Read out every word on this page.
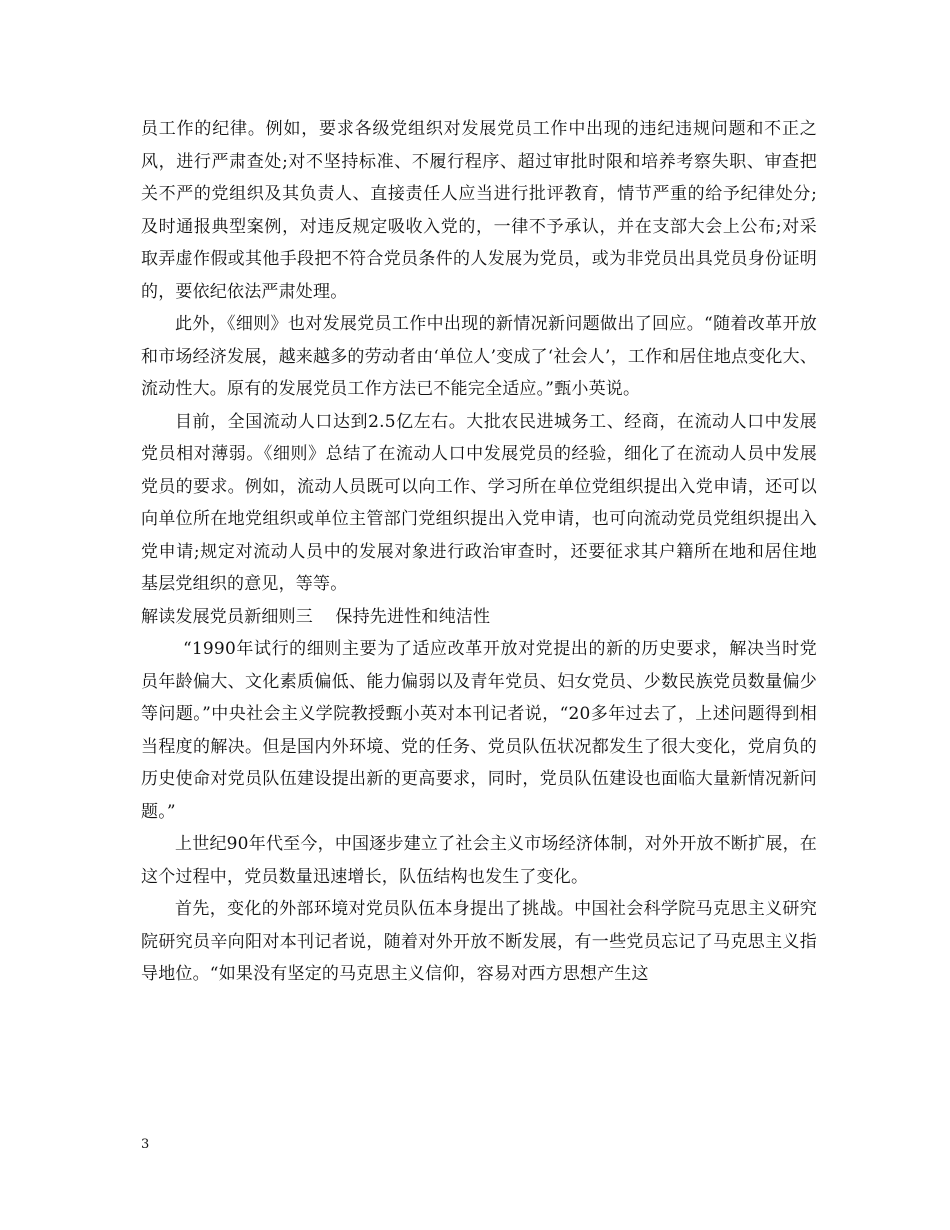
员工作的纪律。例如，要求各级党组织对发展党员工作中出现的违纪违规问题和不正之风，进行严肃查处;对不坚持标准、不履行程序、超过审批时限和培养考察失职、审查把关不严的党组织及其负责人、直接责任人应当进行批评教育，情节严重的给予纪律处分;及时通报典型案例，对违反规定吸收入党的，一律不予承认，并在支部大会上公布;对采取弄虚作假或其他手段把不符合党员条件的人发展为党员，或为非党员出具党员身份证明的，要依纪依法严肃处理。

此外，《细则》也对发展党员工作中出现的新情况新问题做出了回应。“随着改革开放和市场经济发展，越来越多的劳动者由‘单位人’变成了‘社会人’，工作和居住地点变化大、流动性大。原有的发展党员工作方法已不能完全适应。”甄小英说。

目前，全国流动人口达到2.5亿左右。大批农民进城务工、经商，在流动人口中发展党员相对薄弱。《细则》总结了在流动人口中发展党员的经验，细化了在流动人员中发展党员的要求。例如，流动人员既可以向工作、学习所在单位党组织提出入党申请，还可以向单位所在地党组织或单位主管部门党组织提出入党申请，也可向流动党员党组织提出入党申请;规定对流动人员中的发展对象进行政治审查时，还要征求其户籍所在地和居住地基层党组织的意见，等等。

解读发展党员新细则三    保持先进性和纯洁性

“1990年试行的细则主要为了适应改革开放对党提出的新的历史要求，解决当时党员年龄偏大、文化素质偏低、能力偏弱以及青年党员、妇女党员、少数民族党员数量偏少等问题。”中央社会主义学院教授甄小英对本刊记者说，“20多年过去了，上述问题得到相当程度的解决。但是国内外环境、党的任务、党员队伍状况都发生了很大变化，党肩负的历史使命对党员队伍建设提出新的更高要求，同时，党员队伍建设也面临大量新情况新问题。”

上世纪90年代至今，中国逐步建立了社会主义市场经济体制，对外开放不断扩展，在这个过程中，党员数量迅速增长，队伍结构也发生了变化。

首先，变化的外部环境对党员队伍本身提出了挑战。中国社会科学院马克思主义研究院研究员辛向阳对本刊记者说，随着对外开放不断发展，有一些党员忘记了马克思主义指导地位。“如果没有坚定的马克思主义信仰，容易对西方思想产生这

3
